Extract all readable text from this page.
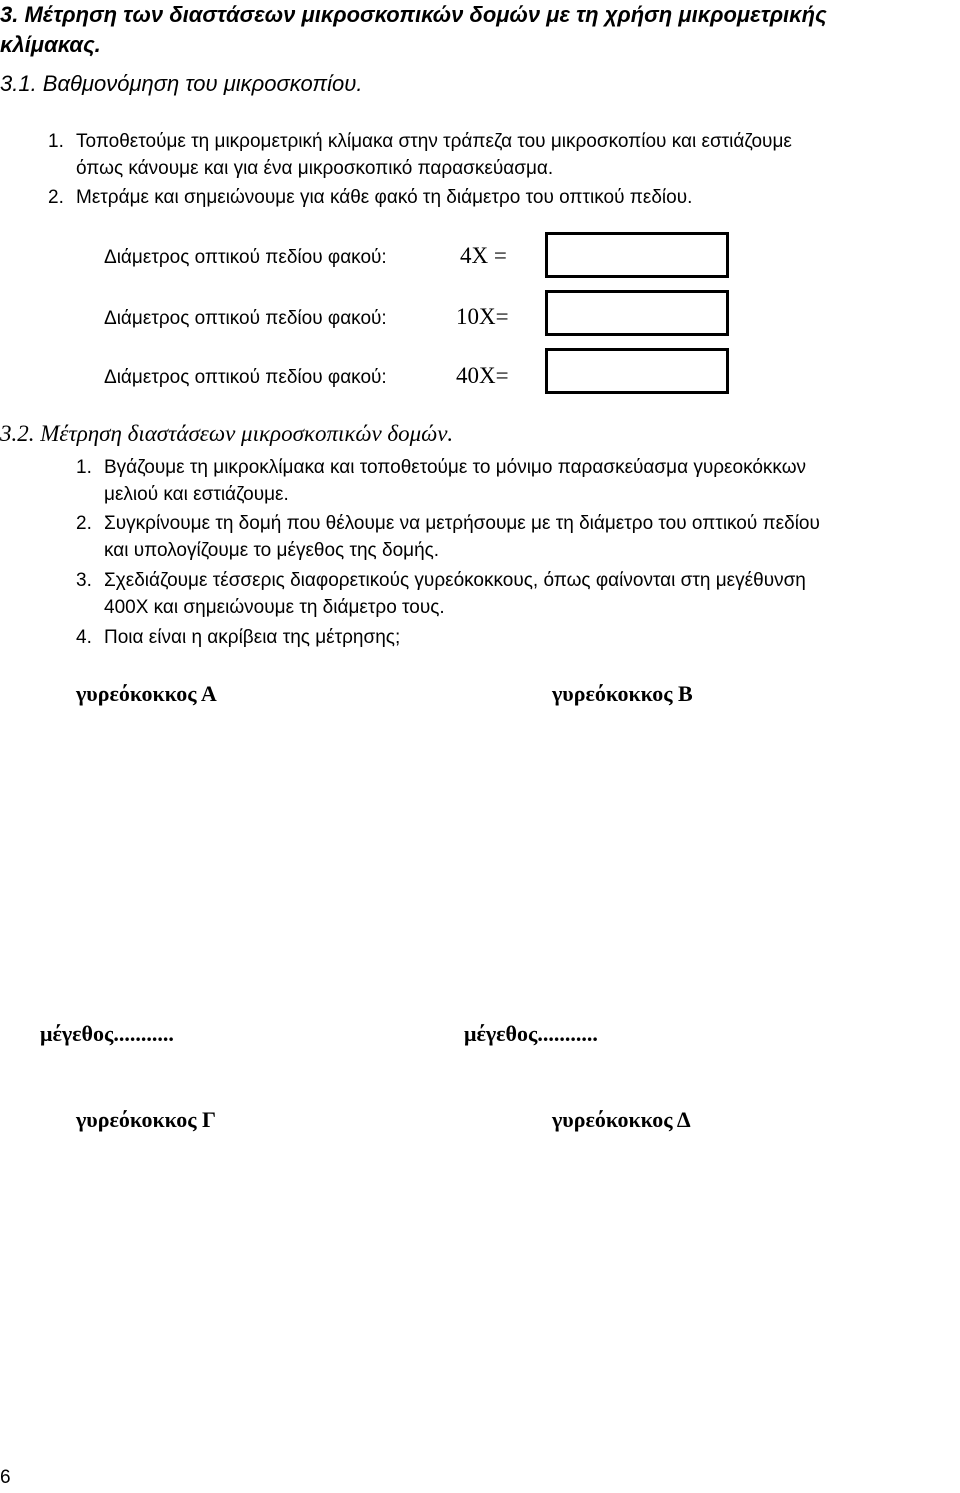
3. Μέτρηση των διαστάσεων μικροσκοπικών δομών με τη χρήση μικρομετρικής
κλίμακας.
3.1. Βαθμονόμηση του μικροσκοπίου.
1. Τοποθετούμε τη μικρομετρική κλίμακα στην τράπεζα του μικροσκοπίου και εστιάζουμε
όπως κάνουμε και για ένα μικροσκοπικό παρασκεύασμα.
2. Μετράμε και σημειώνουμε για κάθε φακό τη διάμετρο του οπτικού πεδίου.
Διάμετρος οπτικού πεδίου φακού:	4X =
Διάμετρος οπτικού πεδίου φακού:	10X=
Διάμετρος οπτικού πεδίου φακού:	40X=
3.2. Μέτρηση διαστάσεων μικροσκοπικών δομών.
1. Βγάζουμε τη μικροκλίμακα και τοποθετούμε το μόνιμο παρασκεύασμα γυρεοκόκκων
μελιού και εστιάζουμε.
2. Συγκρίνουμε τη δομή που θέλουμε να μετρήσουμε με τη διάμετρο του οπτικού πεδίου
και υπολογίζουμε το μέγεθος της δομής.
3. Σχεδιάζουμε τέσσερις διαφορετικούς γυρεόκοκκους, όπως φαίνονται στη μεγέθυνση
400X και σημειώνουμε τη διάμετρο τους.
4. Ποια είναι η ακρίβεια της μέτρησης;
γυρεόκοκκος Α	γυρεόκοκκος Β
μέγεθος...........	μέγεθος...........
γυρεόκοκκος Γ	γυρεόκοκκος Δ
6
